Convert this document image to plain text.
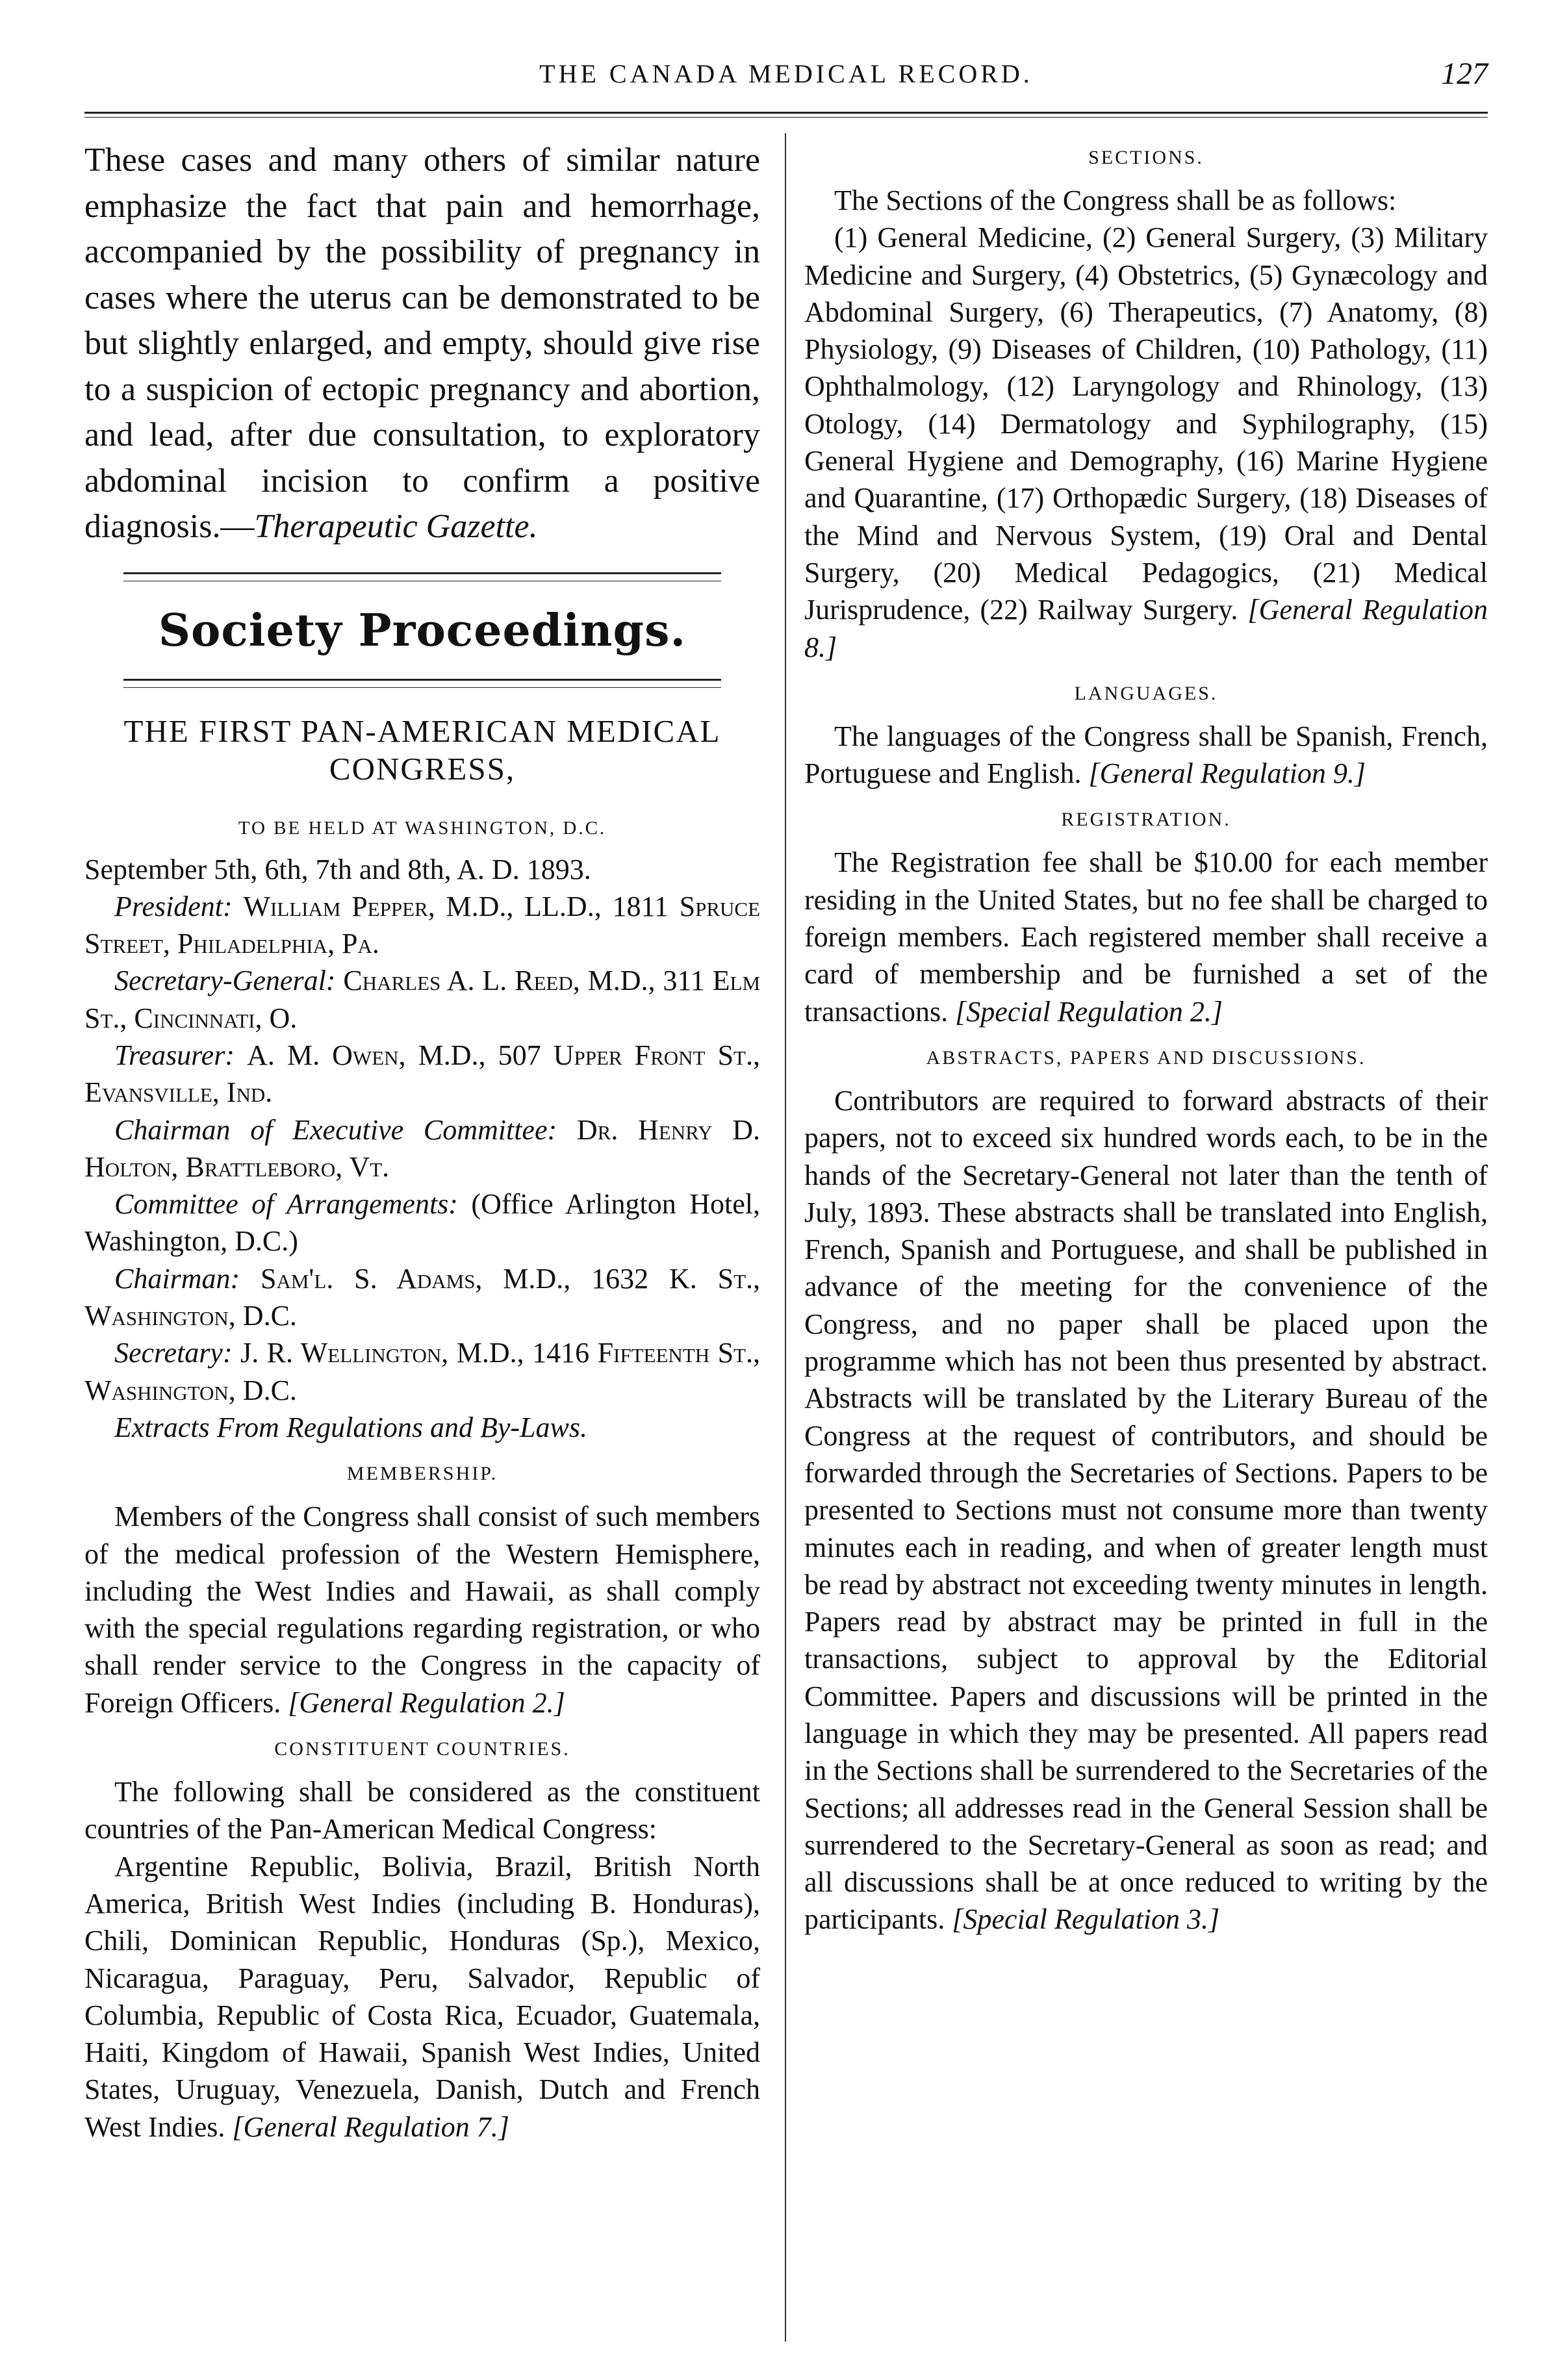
THE CANADA MEDICAL RECORD.	127

These cases and many others of similar nature emphasize the fact that pain and hemorrhage, accompanied by the possibility of pregnancy in cases where the uterus can be demonstrated to be but slightly enlarged, and empty, should give rise to a suspicion of ectopic pregnancy and abortion, and lead, after due consultation, to exploratory abdominal incision to confirm a positive diagnosis.—Therapeutic Gazette.

Society Proceedings.
THE FIRST PAN-AMERICAN MEDICAL CONGRESS,
TO BE HELD AT WASHINGTON, D.C.

September 5th, 6th, 7th and 8th, A. D. 1893.

President: William Pepper, M.D., LL.D., 1811 Spruce Street, Philadelphia, Pa.

Secretary-General: Charles A. L. Reed, M.D., 311 Elm St., Cincinnati, O.

Treasurer: A. M. Owen, M.D., 507 Upper Front St., Evansville, Ind.

Chairman of Executive Committee: Dr. Henry D. Holton, Brattleboro, Vt.

Committee of Arrangements: (Office Arlington Hotel, Washington, D.C.)

Chairman: Sam'l. S. Adams, M.D., 1632 K. St., Washington, D.C.

Secretary: J. R. Wellington, M.D., 1416 Fifteenth St., Washington, D.C.

Extracts From Regulations and By-Laws.

MEMBERSHIP.

Members of the Congress shall consist of such members of the medical profession of the Western Hemisphere, including the West Indies and Hawaii, as shall comply with the special regulations regarding registration, or who shall render service to the Congress in the capacity of Foreign Officers. [General Regulation 2.]

CONSTITUENT COUNTRIES.

The following shall be considered as the constituent countries of the Pan-American Medical Congress:

Argentine Republic, Bolivia, Brazil, British North America, British West Indies (including B. Honduras), Chili, Dominican Republic, Honduras (Sp.), Mexico, Nicaragua, Paraguay, Peru, Salvador, Republic of Columbia, Republic of Costa Rica, Ecuador, Guatemala, Haiti, Kingdom of Hawaii, Spanish West Indies, United States, Uruguay, Venezuela, Danish, Dutch and French West Indies. [General Regulation 7.]

SECTIONS.

The Sections of the Congress shall be as follows:

(1) General Medicine, (2) General Surgery, (3) Military Medicine and Surgery, (4) Obstetrics, (5) Gynæcology and Abdominal Surgery, (6) Therapeutics, (7) Anatomy, (8) Physiology, (9) Diseases of Children, (10) Pathology, (11) Ophthalmology, (12) Laryngology and Rhinology, (13) Otology, (14) Dermatology and Syphilography, (15) General Hygiene and Demography, (16) Marine Hygiene and Quarantine, (17) Orthopædic Surgery, (18) Diseases of the Mind and Nervous System, (19) Oral and Dental Surgery, (20) Medical Pedagogics, (21) Medical Jurisprudence, (22) Railway Surgery. [General Regulation 8.]

LANGUAGES.

The languages of the Congress shall be Spanish, French, Portuguese and English. [General Regulation 9.]

REGISTRATION.

The Registration fee shall be $10.00 for each member residing in the United States, but no fee shall be charged to foreign members. Each registered member shall receive a card of membership and be furnished a set of the transactions. [Special Regulation 2.]

ABSTRACTS, PAPERS AND DISCUSSIONS.

Contributors are required to forward abstracts of their papers, not to exceed six hundred words each, to be in the hands of the Secretary-General not later than the tenth of July, 1893. These abstracts shall be translated into English, French, Spanish and Portuguese, and shall be published in advance of the meeting for the convenience of the Congress, and no paper shall be placed upon the programme which has not been thus presented by abstract. Abstracts will be translated by the Literary Bureau of the Congress at the request of contributors, and should be forwarded through the Secretaries of Sections. Papers to be presented to Sections must not consume more than twenty minutes each in reading, and when of greater length must be read by abstract not exceeding twenty minutes in length. Papers read by abstract may be printed in full in the transactions, subject to approval by the Editorial Committee. Papers and discussions will be printed in the language in which they may be presented. All papers read in the Sections shall be surrendered to the Secretaries of the Sections; all addresses read in the General Session shall be surrendered to the Secretary-General as soon as read; and all discussions shall be at once reduced to writing by the participants. [Special Regulation 3.]
